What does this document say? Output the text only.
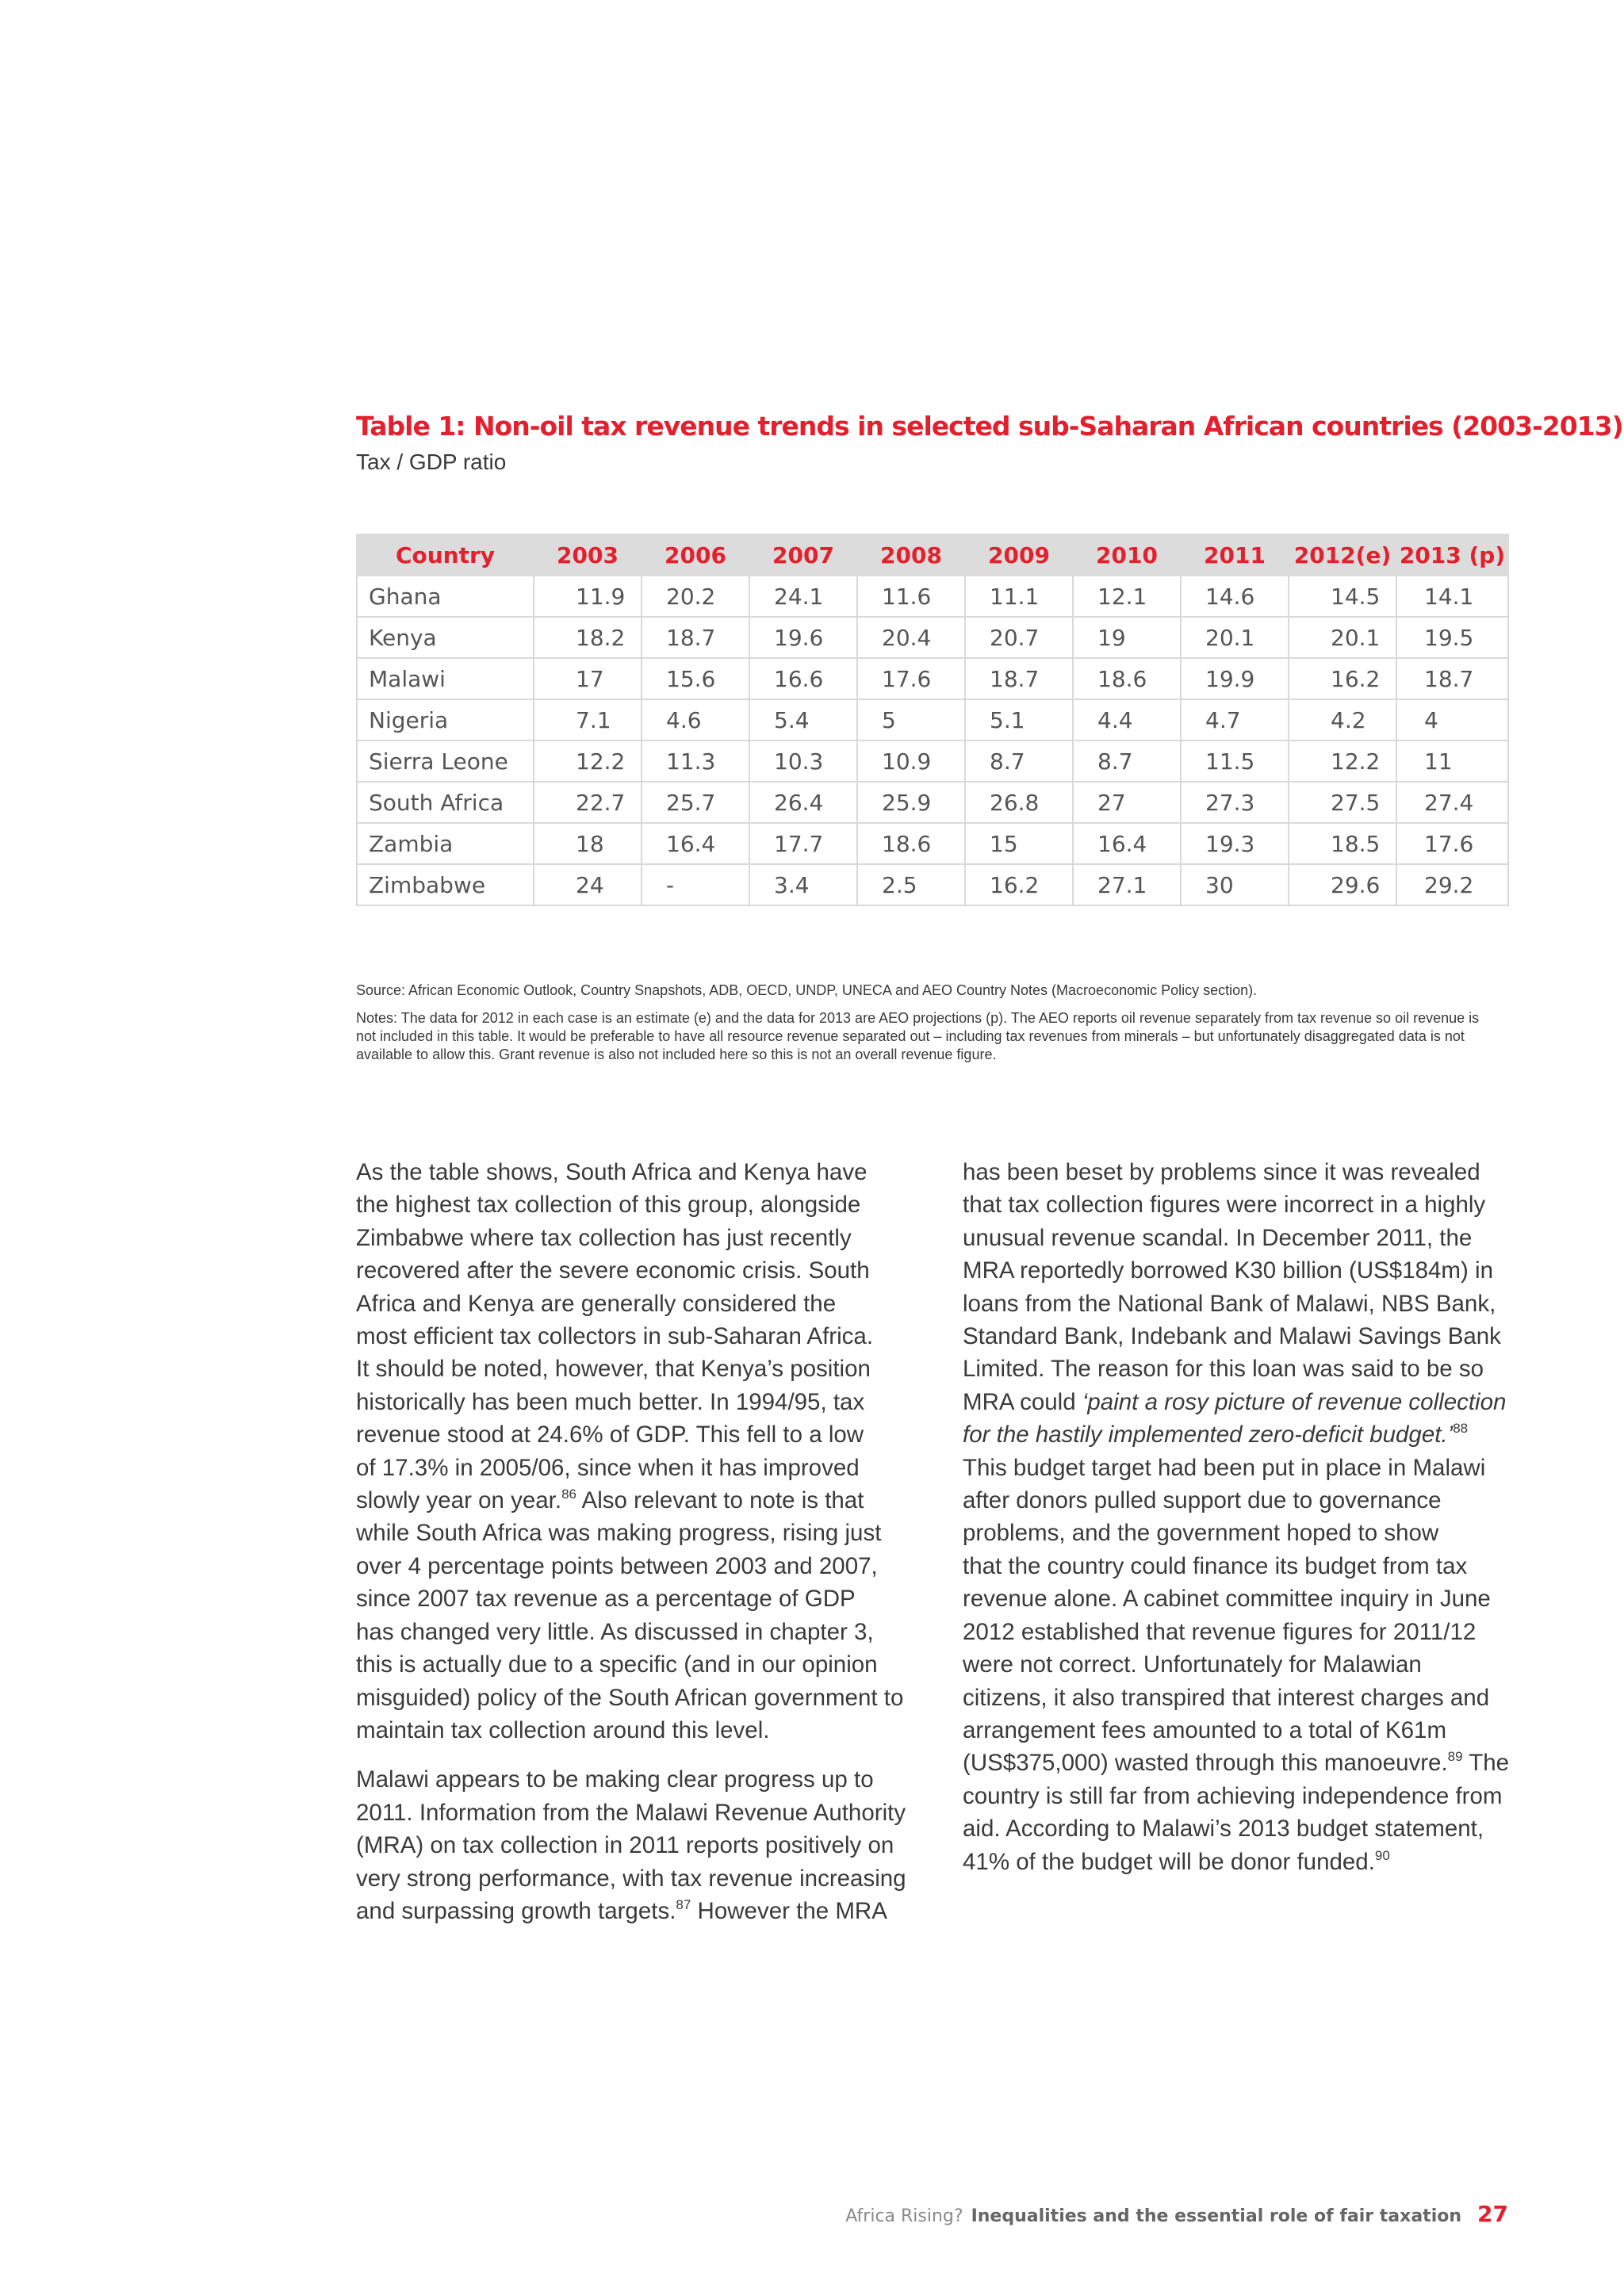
Table 1: Non-oil tax revenue trends in selected sub-Saharan African countries (2003-2013)

Tax / GDP ratio

Country	2003	2006	2007	2008	2009	2010	2011	2012(e)	2013 (p)
Ghana	11.9	20.2	24.1	11.6	11.1	12.1	14.6	14.5	14.1
Kenya	18.2	18.7	19.6	20.4	20.7	19	20.1	20.1	19.5
Malawi	17	15.6	16.6	17.6	18.7	18.6	19.9	16.2	18.7
Nigeria	7.1	4.6	5.4	5	5.1	4.4	4.7	4.2	4
Sierra Leone	12.2	11.3	10.3	10.9	8.7	8.7	11.5	12.2	11
South Africa	22.7	25.7	26.4	25.9	26.8	27	27.3	27.5	27.4
Zambia	18	16.4	17.7	18.6	15	16.4	19.3	18.5	17.6
Zimbabwe	24	-	3.4	2.5	16.2	27.1	30	29.6	29.2

Source: African Economic Outlook, Country Snapshots, ADB, OECD, UNDP, UNECA and AEO Country Notes (Macroeconomic Policy section).

Notes: The data for 2012 in each case is an estimate (e) and the data for 2013 are AEO projections (p). The AEO reports oil revenue separately from tax revenue so oil revenue is not included in this table. It would be preferable to have all resource revenue separated out – including tax revenues from minerals – but unfortunately disaggregated data is not available to allow this. Grant revenue is also not included here so this is not an overall revenue figure.

As the table shows, South Africa and Kenya have
the highest tax collection of this group, alongside
Zimbabwe where tax collection has just recently
recovered after the severe economic crisis. South
Africa and Kenya are generally considered the
most efficient tax collectors in sub-Saharan Africa.
It should be noted, however, that Kenya’s position
historically has been much better. In 1994/95, tax
revenue stood at 24.6% of GDP. This fell to a low
of 17.3% in 2005/06, since when it has improved
slowly year on year.$^{86}$ Also relevant to note is that
while South Africa was making progress, rising just
over 4 percentage points between 2003 and 2007,
since 2007 tax revenue as a percentage of GDP
has changed very little. As discussed in chapter 3,
this is actually due to a specific (and in our opinion
misguided) policy of the South African government to
maintain tax collection around this level.

Malawi appears to be making clear progress up to
2011. Information from the Malawi Revenue Authority
(MRA) on tax collection in 2011 reports positively on
very strong performance, with tax revenue increasing
and surpassing growth targets.$^{87}$ However the MRA

has been beset by problems since it was revealed
that tax collection figures were incorrect in a highly
unusual revenue scandal. In December 2011, the
MRA reportedly borrowed K30 billion (US$184m) in
loans from the National Bank of Malawi, NBS Bank,
Standard Bank, Indebank and Malawi Savings Bank
Limited. The reason for this loan was said to be so
MRA could ‘paint a rosy picture of revenue collection
for the hastily implemented zero-deficit budget.’$^{88}$
This budget target had been put in place in Malawi
after donors pulled support due to governance
problems, and the government hoped to show
that the country could finance its budget from tax
revenue alone. A cabinet committee inquiry in June
2012 established that revenue figures for 2011/12
were not correct. Unfortunately for Malawian
citizens, it also transpired that interest charges and
arrangement fees amounted to a total of K61m
(US$375,000) wasted through this manoeuvre.$^{89}$ The
country is still far from achieving independence from
aid. According to Malawi’s 2013 budget statement,
41% of the budget will be donor funded.$^{90}$

Africa Rising? Inequalities and the essential role of fair taxation 27
